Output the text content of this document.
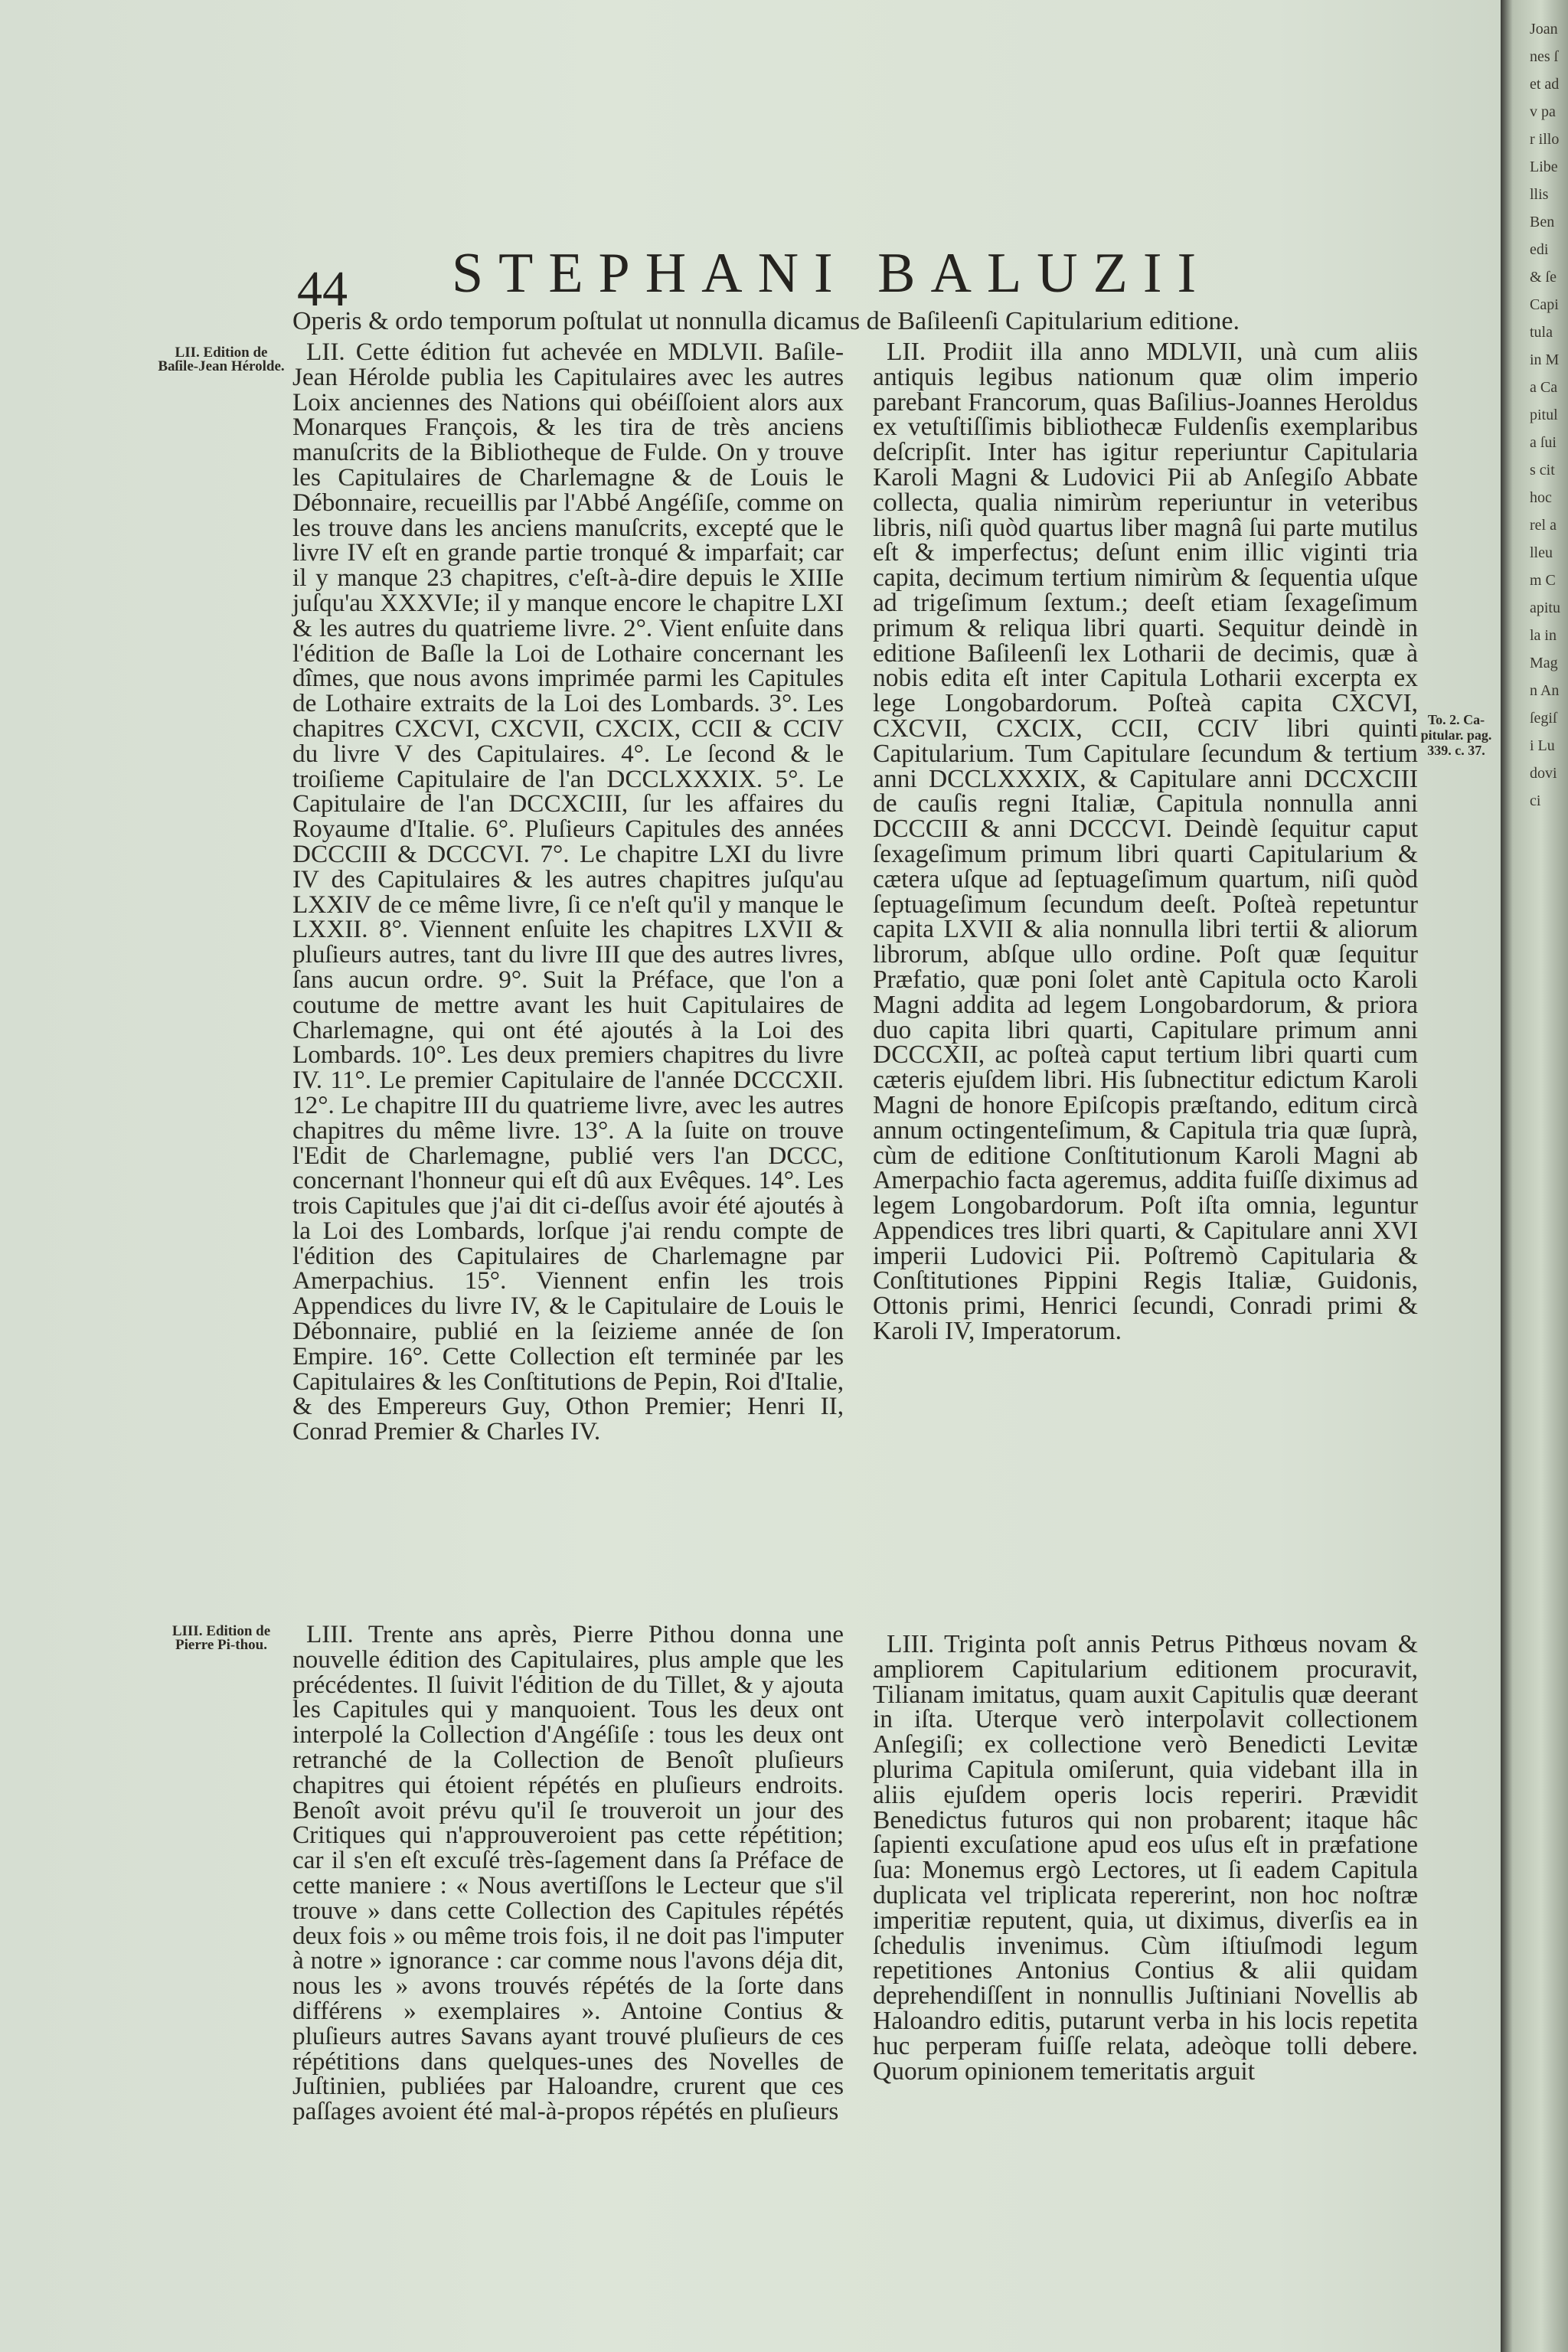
44 STEPHANI BALUZII
Operis & ordo temporum poſtulat ut nonnulla dicamus de Baſileenſi Capitularium editione.
LII. Edition de Baſile-Jean Hérolde.
LIII. Edition de Pierre Pi-thou.
To. 2. Ca-pitular. pag. 339. c. 37.

LII. Cette édition fut achevée en MDLVII. Baſile-Jean Hérolde publia les Capitulaires avec les autres Loix anciennes des Nations qui obéiſſoient alors aux Monarques François, & les tira de très anciens manuſcrits de la Bibliotheque de Fulde. On y trouve les Capitulaires de Charlemagne & de Louis le Débonnaire, recueillis par l'Abbé Angéſiſe, comme on les trouve dans les anciens manuſcrits, excepté que le livre IV eſt en grande partie tronqué & imparfait; car il y manque 23 chapitres, c'eſt-à-dire depuis le XIIIe juſqu'au XXXVIe; il y manque encore le chapitre LXI & les autres du quatrieme livre. 2°. Vient enſuite dans l'édition de Baſle la Loi de Lothaire concernant les dîmes, que nous avons imprimée parmi les Capitules de Lothaire extraits de la Loi des Lombards. 3°. Les chapitres CXCVI, CXCVII, CXCIX, CCII & CCIV du livre V des Capitulaires. 4°. Le ſecond & le troiſieme Capitulaire de l'an DCCLXXXIX. 5°. Le Capitulaire de l'an DCCXCIII, ſur les affaires du Royaume d'Italie. 6°. Pluſieurs Capitules des années DCCCIII & DCCCVI. 7°. Le chapitre LXI du livre IV des Capitulaires & les autres chapitres juſqu'au LXXIV de ce même livre, ſi ce n'eſt qu'il y manque le LXXII. 8°. Viennent enſuite les chapitres LXVII & pluſieurs autres, tant du livre III que des autres livres, ſans aucun ordre. 9°. Suit la Préface, que l'on a coutume de mettre avant les huit Capitulaires de Charlemagne, qui ont été ajoutés à la Loi des Lombards. 10°. Les deux premiers chapitres du livre IV. 11°. Le premier Capitulaire de l'année DCCCXII. 12°. Le chapitre III du quatrieme livre, avec les autres chapitres du même livre. 13°. A la ſuite on trouve l'Edit de Charlemagne, publié vers l'an DCCC, concernant l'honneur qui eſt dû aux Evêques. 14°. Les trois Capitules que j'ai dit ci-deſſus avoir été ajoutés à la Loi des Lombards, lorſque j'ai rendu compte de l'édition des Capitulaires de Charlemagne par Amerpachius. 15°. Viennent enfin les trois Appendices du livre IV, & le Capitulaire de Louis le Débonnaire, publié en la ſeizieme année de ſon Empire. 16°. Cette Collection eſt terminée par les Capitulaires & les Conſtitutions de Pepin, Roi d'Italie, & des Empereurs Guy, Othon Premier; Henri II, Conrad Premier & Charles IV.

LII. Prodiit illa anno MDLVII, unà cum aliis antiquis legibus nationum quæ olim imperio parebant Francorum, quas Baſilius-Joannes Heroldus ex vetuſtiſſimis bibliothecæ Fuldenſis exemplaribus deſcripſit. Inter has igitur reperiuntur Capitularia Karoli Magni & Ludovici Pii ab Anſegiſo Abbate collecta, qualia nimirùm reperiuntur in veteribus libris, niſi quòd quartus liber magnâ ſui parte mutilus eſt & imperfectus; deſunt enim illic viginti tria capita, decimum tertium nimirùm & ſequentia uſque ad trigeſimum ſextum.; deeſt etiam ſexageſimum primum & reliqua libri quarti. Sequitur deindè in editione Baſileenſi lex Lotharii de decimis, quæ à nobis edita eſt inter Capitula Lotharii excerpta ex lege Longobardorum. Poſteà capita CXCVI, CXCVII, CXCIX, CCII, CCIV libri quinti Capitularium. Tum Capitulare ſecundum & tertium anni DCCLXXXIX, & Capitulare anni DCCXCIII de cauſis regni Italiæ, Capitula nonnulla anni DCCCIII & anni DCCCVI. Deindè ſequitur caput ſexageſimum primum libri quarti Capitularium & cætera uſque ad ſeptuageſimum quartum, niſi quòd ſeptuageſimum ſecundum deeſt. Poſteà repetuntur capita LXVII & alia nonnulla libri tertii & aliorum librorum, abſque ullo ordine. Poſt quæ ſequitur Præfatio, quæ poni ſolet antè Capitula octo Karoli Magni addita ad legem Longobardorum, & priora duo capita libri quarti, Capitulare primum anni DCCCXII, ac poſteà caput tertium libri quarti cum cæteris ejuſdem libri. His ſubnectitur edictum Karoli Magni de honore Epiſcopis præſtando, editum circà annum octingenteſimum, & Capitula tria quæ ſuprà, cùm de editione Conſtitutionum Karoli Magni ab Amerpachio facta ageremus, addita fuiſſe diximus ad legem Longobardorum. Poſt iſta omnia, leguntur Appendices tres libri quarti, & Capitulare anni XVI imperii Ludovici Pii. Poſtremò Capitularia & Conſtitutiones Pippini Regis Italiæ, Guidonis, Ottonis primi, Henrici ſecundi, Conradi primi & Karoli IV, Imperatorum.

LIII. Trente ans après, Pierre Pithou donna une nouvelle édition des Capitulaires, plus ample que les précédentes. Il ſuivit l'édition de du Tillet, & y ajouta les Capitules qui y manquoient. Tous les deux ont interpolé la Collection d'Angéſiſe : tous les deux ont retranché de la Collection de Benoît pluſieurs chapitres qui étoient répétés en pluſieurs endroits. Benoît avoit prévu qu'il ſe trouveroit un jour des Critiques qui n'approuveroient pas cette répétition; car il s'en eſt excuſé très-ſagement dans ſa Préface de cette maniere : « Nous avertiſſons le Lecteur que s'il trouve » dans cette Collection des Capitules répétés deux fois » ou même trois fois, il ne doit pas l'imputer à notre » ignorance : car comme nous l'avons déja dit, nous les » avons trouvés répétés de la ſorte dans différens » exemplaires ». Antoine Contius & pluſieurs autres Savans ayant trouvé pluſieurs de ces répétitions dans quelques-unes des Novelles de Juſtinien, publiées par Haloandre, crurent que ces paſſages avoient été mal-à-propos répétés en pluſieurs

LIII. Triginta poſt annis Petrus Pithœus novam & ampliorem Capitularium editionem procuravit, Tilianam imitatus, quam auxit Capitulis quæ deerant in iſta. Uterque verò interpolavit collectionem Anſegiſi; ex collectione verò Benedicti Levitæ plurima Capitula omiſerunt, quia videbant illa in aliis ejuſdem operis locis reperiri. Prævidit Benedictus futuros qui non probarent; itaque hâc ſapienti excuſatione apud eos uſus eſt in præfatione ſua: Monemus ergò Lectores, ut ſi eadem Capitula duplicata vel triplicata repererint, non hoc noſtræ imperitiæ reputent, quia, ut diximus, diverſis ea in ſchedulis invenimus. Cùm iſtiuſmodi legum repetitiones Antonius Contius & alii quidam deprehendiſſent in nonnullis Juſtiniani Novellis ab Haloandro editis, putarunt verba in his locis repetita huc perperam fuiſſe relata, adeòque tolli debere. Quorum opinionem temeritatis arguit

Joannes ſet adv par illo Libellis Benedi & ſe Capitula in Ma Capitula ſuis cit hoc rel alleum Capitula in Magn Anſegiſi Ludovici
